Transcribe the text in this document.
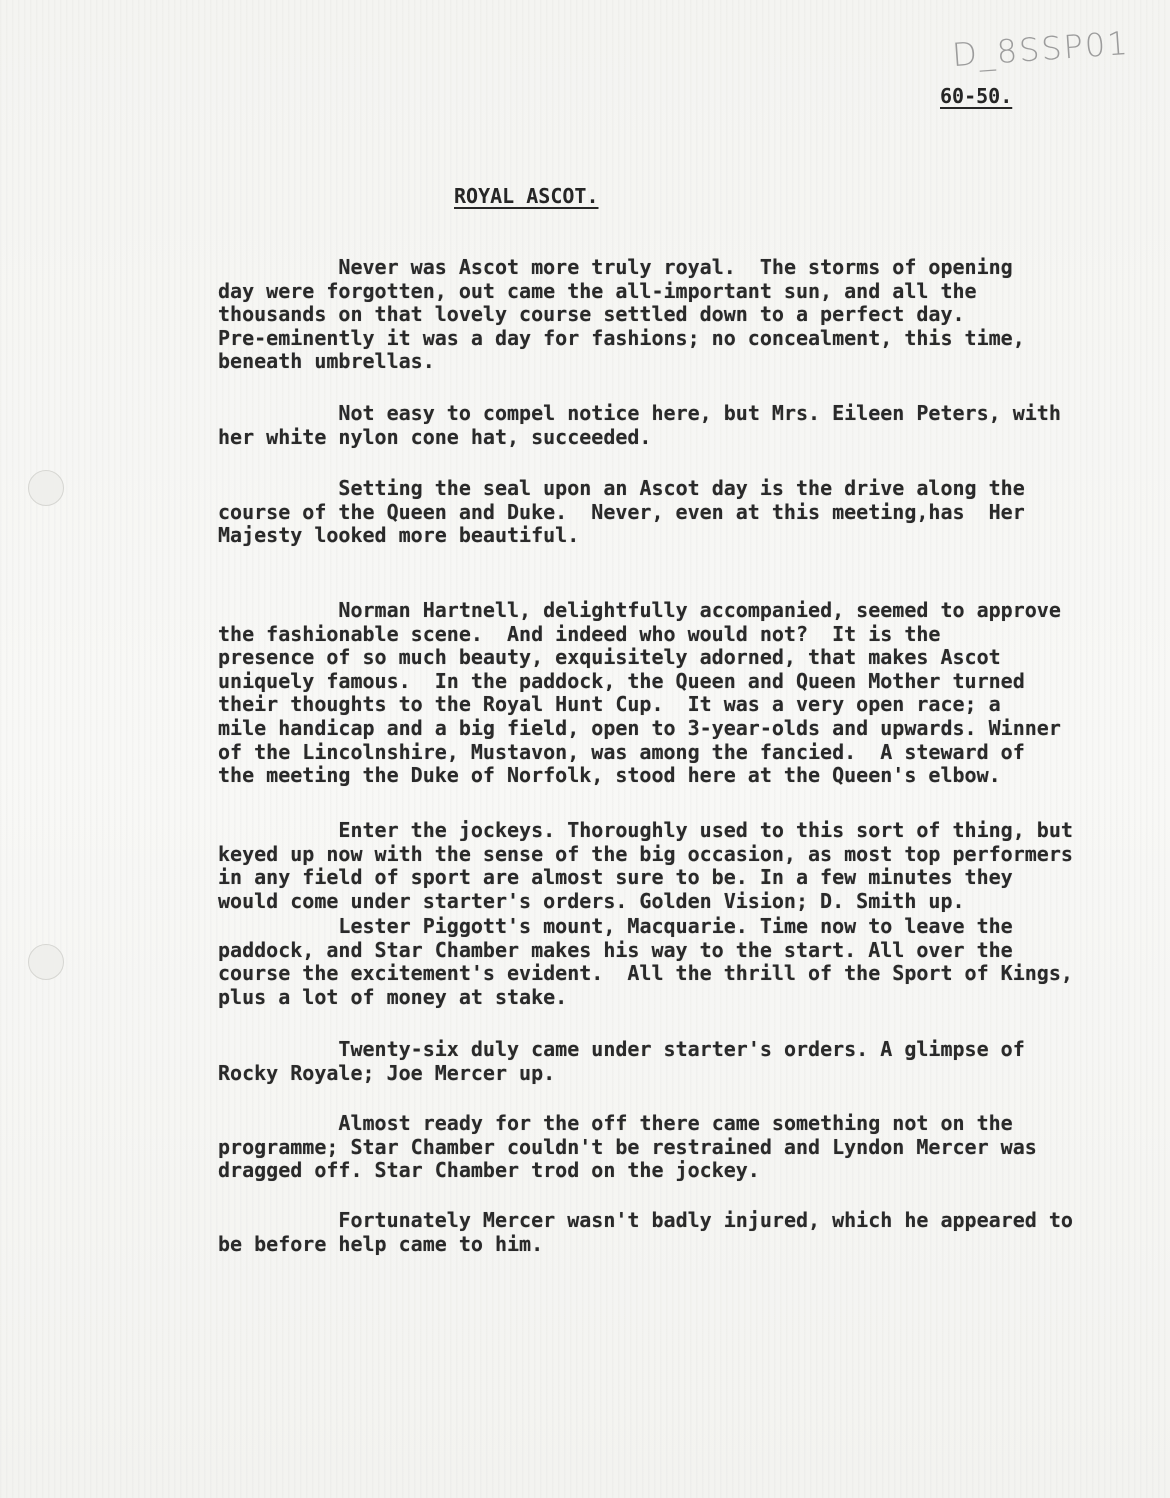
D_8SSP01
60-50.
ROYAL ASCOT.

Never was Ascot more truly royal.  The storms of opening
day were forgotten, out came the all-important sun, and all the
thousands on that lovely course settled down to a perfect day.
Pre-eminently it was a day for fashions; no concealment, this time,
beneath umbrellas.

Not easy to compel notice here, but Mrs. Eileen Peters, with
her white nylon cone hat, succeeded.

Setting the seal upon an Ascot day is the drive along the
course of the Queen and Duke.  Never, even at this meeting,has  Her
Majesty looked more beautiful.

Norman Hartnell, delightfully accompanied, seemed to approve
the fashionable scene.  And indeed who would not?  It is the
presence of so much beauty, exquisitely adorned, that makes Ascot
uniquely famous.  In the paddock, the Queen and Queen Mother turned
their thoughts to the Royal Hunt Cup.  It was a very open race; a
mile handicap and a big field, open to 3-year-olds and upwards. Winner
of the Lincolnshire, Mustavon, was among the fancied.  A steward of
the meeting the Duke of Norfolk, stood here at the Queen's elbow.

Enter the jockeys. Thoroughly used to this sort of thing, but
keyed up now with the sense of the big occasion, as most top performers
in any field of sport are almost sure to be. In a few minutes they
would come under starter's orders. Golden Vision; D. Smith up.

Lester Piggott's mount, Macquarie. Time now to leave the
paddock, and Star Chamber makes his way to the start. All over the
course the excitement's evident.  All the thrill of the Sport of Kings,
plus a lot of money at stake.

Twenty-six duly came under starter's orders. A glimpse of
Rocky Royale; Joe Mercer up.

Almost ready for the off there came something not on the
programme; Star Chamber couldn't be restrained and Lyndon Mercer was
dragged off. Star Chamber trod on the jockey.

Fortunately Mercer wasn't badly injured, which he appeared to
be before help came to him.
